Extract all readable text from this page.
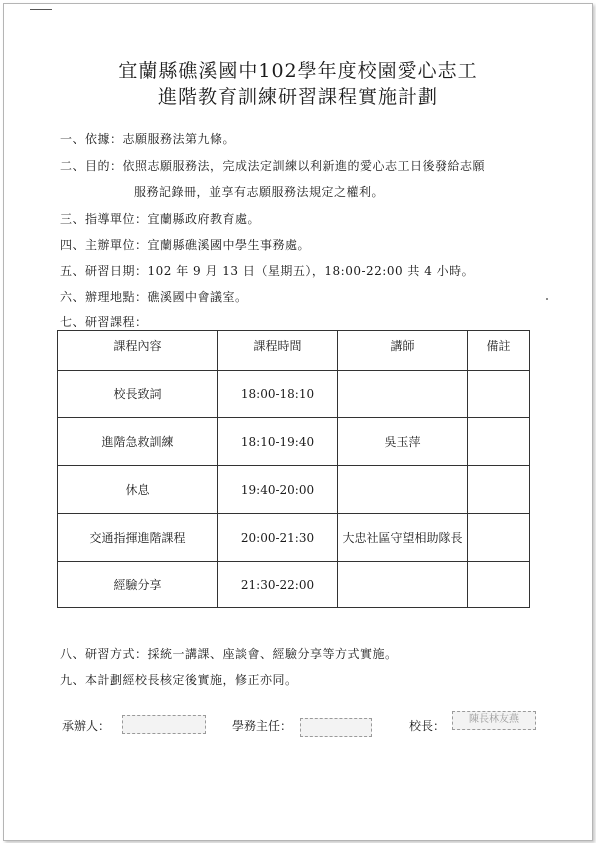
宜蘭縣礁溪國中102學年度校園愛心志工
進階教育訓練研習課程實施計劃
一、依據：志願服務法第九條。
二、目的：依照志願服務法，完成法定訓練以利新進的愛心志工日後發給志願
服務記錄冊，並享有志願服務法規定之權利。
三、指導單位：宜蘭縣政府教育處。
四、主辦單位：宜蘭縣礁溪國中學生事務處。
五、研習日期：102 年 9 月 13 日（星期五），18:00-22:00 共 4 小時。
六、辦理地點：礁溪國中會議室。
七、研習課程：
課程內容	課程時間	講師	備註
校長致詞	18:00-18:10		
進階急救訓練	18:10-19:40	吳玉萍	
休息	19:40-20:00		
交通指揮進階課程	20:00-21:30	大忠社區守望相助隊長	
經驗分享	21:30-22:00		
八、研習方式：採統一講課、座談會、經驗分享等方式實施。
九、本計劃經校長核定後實施，修正亦同。
承辦人：	學務主任：	校長：	陳長林友燕
